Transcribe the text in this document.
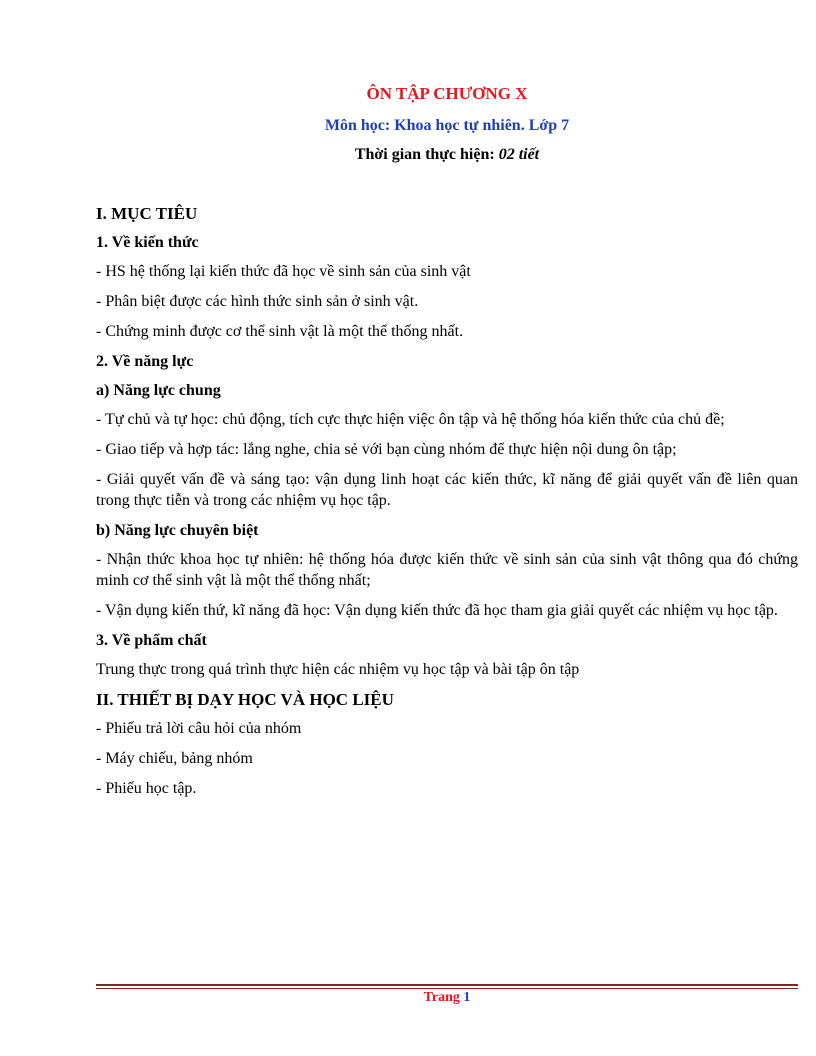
ÔN TẬP CHƯƠNG X
Môn học: Khoa học tự nhiên. Lớp 7
Thời gian thực hiện: 02 tiết

I. MỤC TIÊU

1. Về kiến thức

- HS hệ thống lại kiến thức đã học về sinh sản của sinh vật

- Phân biệt được các hình thức sinh sản ở sinh vật.

- Chứng minh được cơ thể sinh vật là một thể thống nhất.

2. Về năng lực

a) Năng lực chung

- Tự chủ và tự học: chủ động, tích cực thực hiện việc ôn tập và hệ thống hóa kiến thức của chủ đề;

- Giao tiếp và hợp tác: lắng nghe, chia sẻ với bạn cùng nhóm để thực hiện nội dung ôn tập;

- Giải quyết vấn đề và sáng tạo: vận dụng linh hoạt các kiến thức, kĩ năng để giải quyết vấn đề liên quan trong thực tiễn và trong các nhiệm vụ học tập.

b) Năng lực chuyên biệt

- Nhận thức khoa học tự nhiên: hệ thống hóa được kiến thức về sinh sản của sinh vật thông qua đó chứng minh cơ thể sinh vật là một thể thống nhất;

- Vận dụng kiến thứ, kĩ năng đã học: Vận dụng kiến thức đã học tham gia giải quyết các nhiệm vụ học tập.

3. Về phẩm chất

Trung thực trong quá trình thực hiện các nhiệm vụ học tập và bài tập ôn tập

II. THIẾT BỊ DẠY HỌC VÀ HỌC LIỆU

- Phiếu trả lời câu hỏi của nhóm

- Máy chiếu, bảng nhóm

- Phiếu học tập.

Trang 1
